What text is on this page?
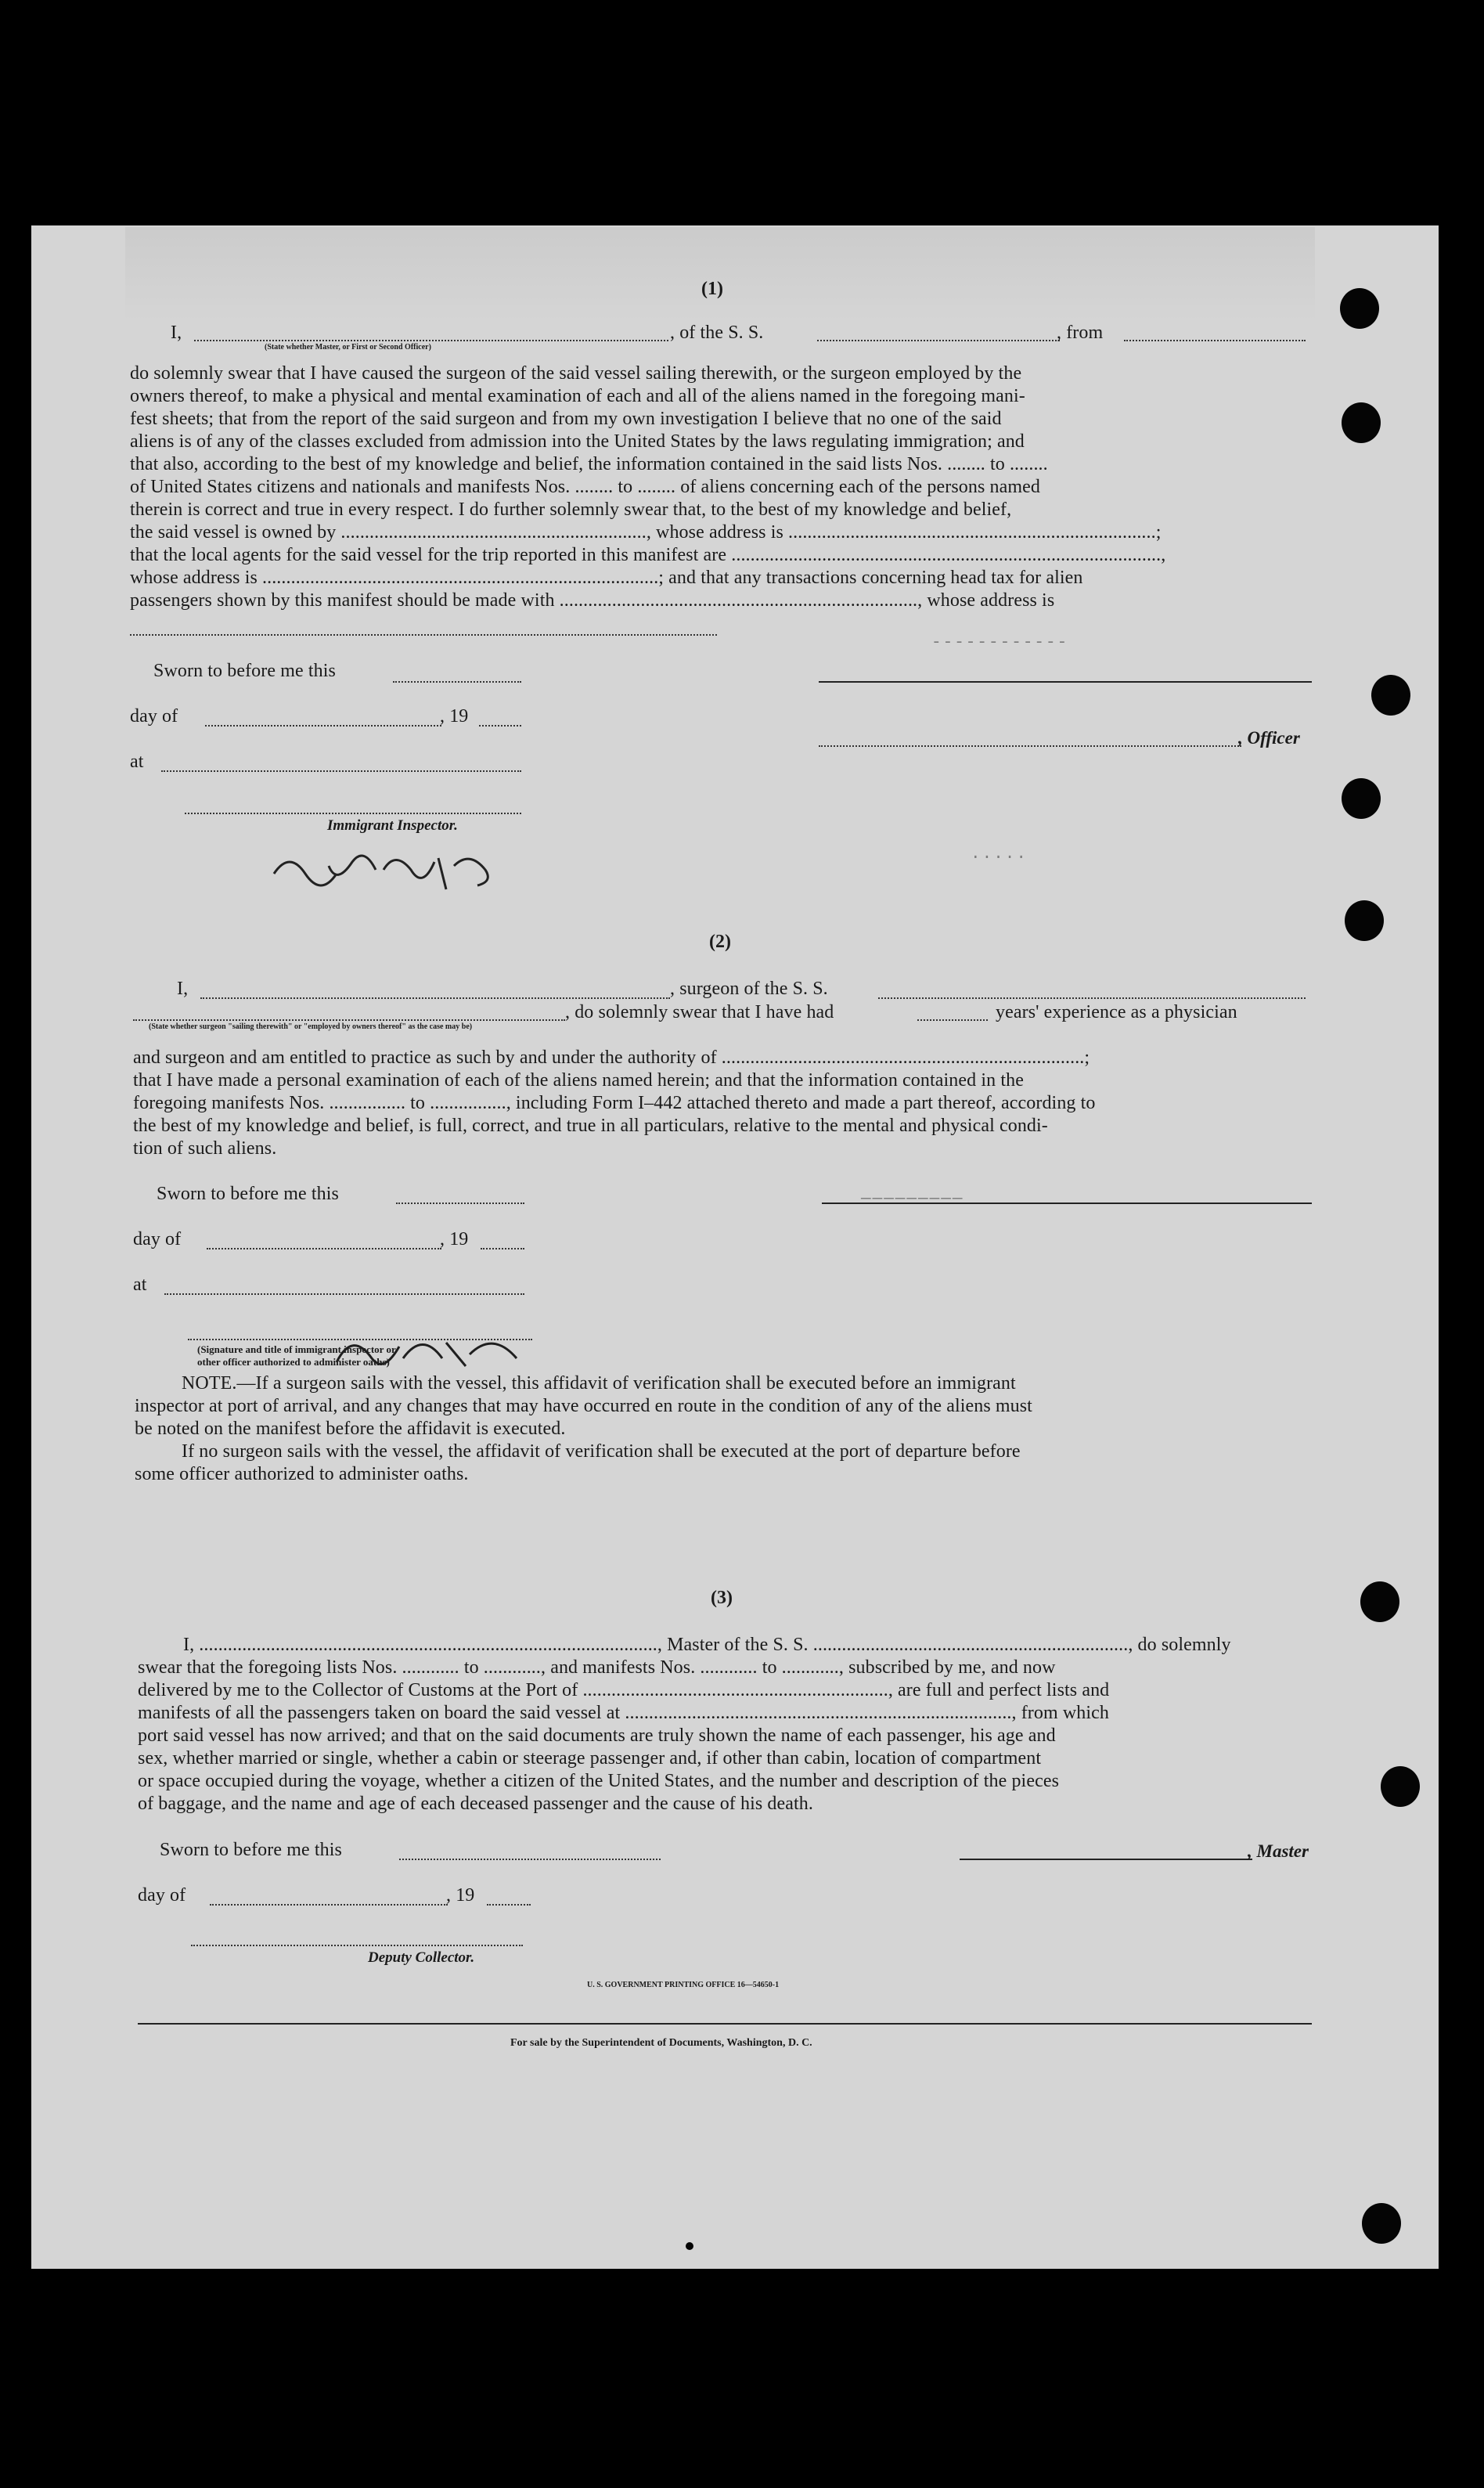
------------
.....
—————————
(1)
I,
(State whether Master, or First or Second Officer)
, of the S. S.	, from
do solemnly swear that I have caused the surgeon of the said vessel sailing therewith, or the surgeon employed by the
owners thereof, to make a physical and mental examination of each and all of the aliens named in the foregoing mani-
fest sheets; that from the report of the said surgeon and from my own investigation I believe that no one of the said
aliens is of any of the classes excluded from admission into the United States by the laws regulating immigration; and
that also, according to the best of my knowledge and belief, the information contained in the said lists Nos. ........ to ........
of United States citizens and nationals and manifests Nos. ........ to ........ of aliens concerning each of the persons named
therein is correct and true in every respect. I do further solemnly swear that, to the best of my knowledge and belief,
the said vessel is owned by ................................................................, whose address is .............................................................................;
that the local agents for the said vessel for the trip reported in this manifest are ..........................................................................................,
whose address is ...................................................................................; and that any transactions concerning head tax for alien
passengers shown by this manifest should be made with ..........................................................................., whose address is
Sworn to before me this
day of	, 19
at
Immigrant Inspector.
, Officer
(2)
I,	, surgeon of the S. S.
, do solemnly swear that I have had	years' experience as a physician
(State whether surgeon "sailing therewith" or "employed by owners thereof" as the case may be)
and surgeon and am entitled to practice as such by and under the authority of ............................................................................;
that I have made a personal examination of each of the aliens named herein; and that the information contained in the
foregoing manifests Nos. ................ to ................, including Form I–442 attached thereto and made a part thereof, according to
the best of my knowledge and belief, is full, correct, and true in all particulars, relative to the mental and physical condi-
tion of such aliens.
Sworn to before me this
day of	, 19
at
(Signature and title of immigrant inspector or
other officer authorized to administer oaths)
NOTE.—If a surgeon sails with the vessel, this affidavit of verification shall be executed before an immigrant
inspector at port of arrival, and any changes that may have occurred en route in the condition of any of the aliens must
be noted on the manifest before the affidavit is executed.
If no surgeon sails with the vessel, the affidavit of verification shall be executed at the port of departure before
some officer authorized to administer oaths.
(3)
I, ................................................................................................, Master of the S. S. .................................................................., do solemnly
swear that the foregoing lists Nos. ............ to ............, and manifests Nos. ............ to ............, subscribed by me, and now
delivered by me to the Collector of Customs at the Port of ................................................................, are full and perfect lists and
manifests of all the passengers taken on board the said vessel at ................................................................................., from which
port said vessel has now arrived; and that on the said documents are truly shown the name of each passenger, his age and
sex, whether married or single, whether a cabin or steerage passenger and, if other than cabin, location of compartment
or space occupied during the voyage, whether a citizen of the United States, and the number and description of the pieces
of baggage, and the name and age of each deceased passenger and the cause of his death.
Sworn to before me this	, Master
day of	, 19
Deputy Collector.
U. S. GOVERNMENT PRINTING OFFICE 16—54650-1
For sale by the Superintendent of Documents, Washington, D. C.
